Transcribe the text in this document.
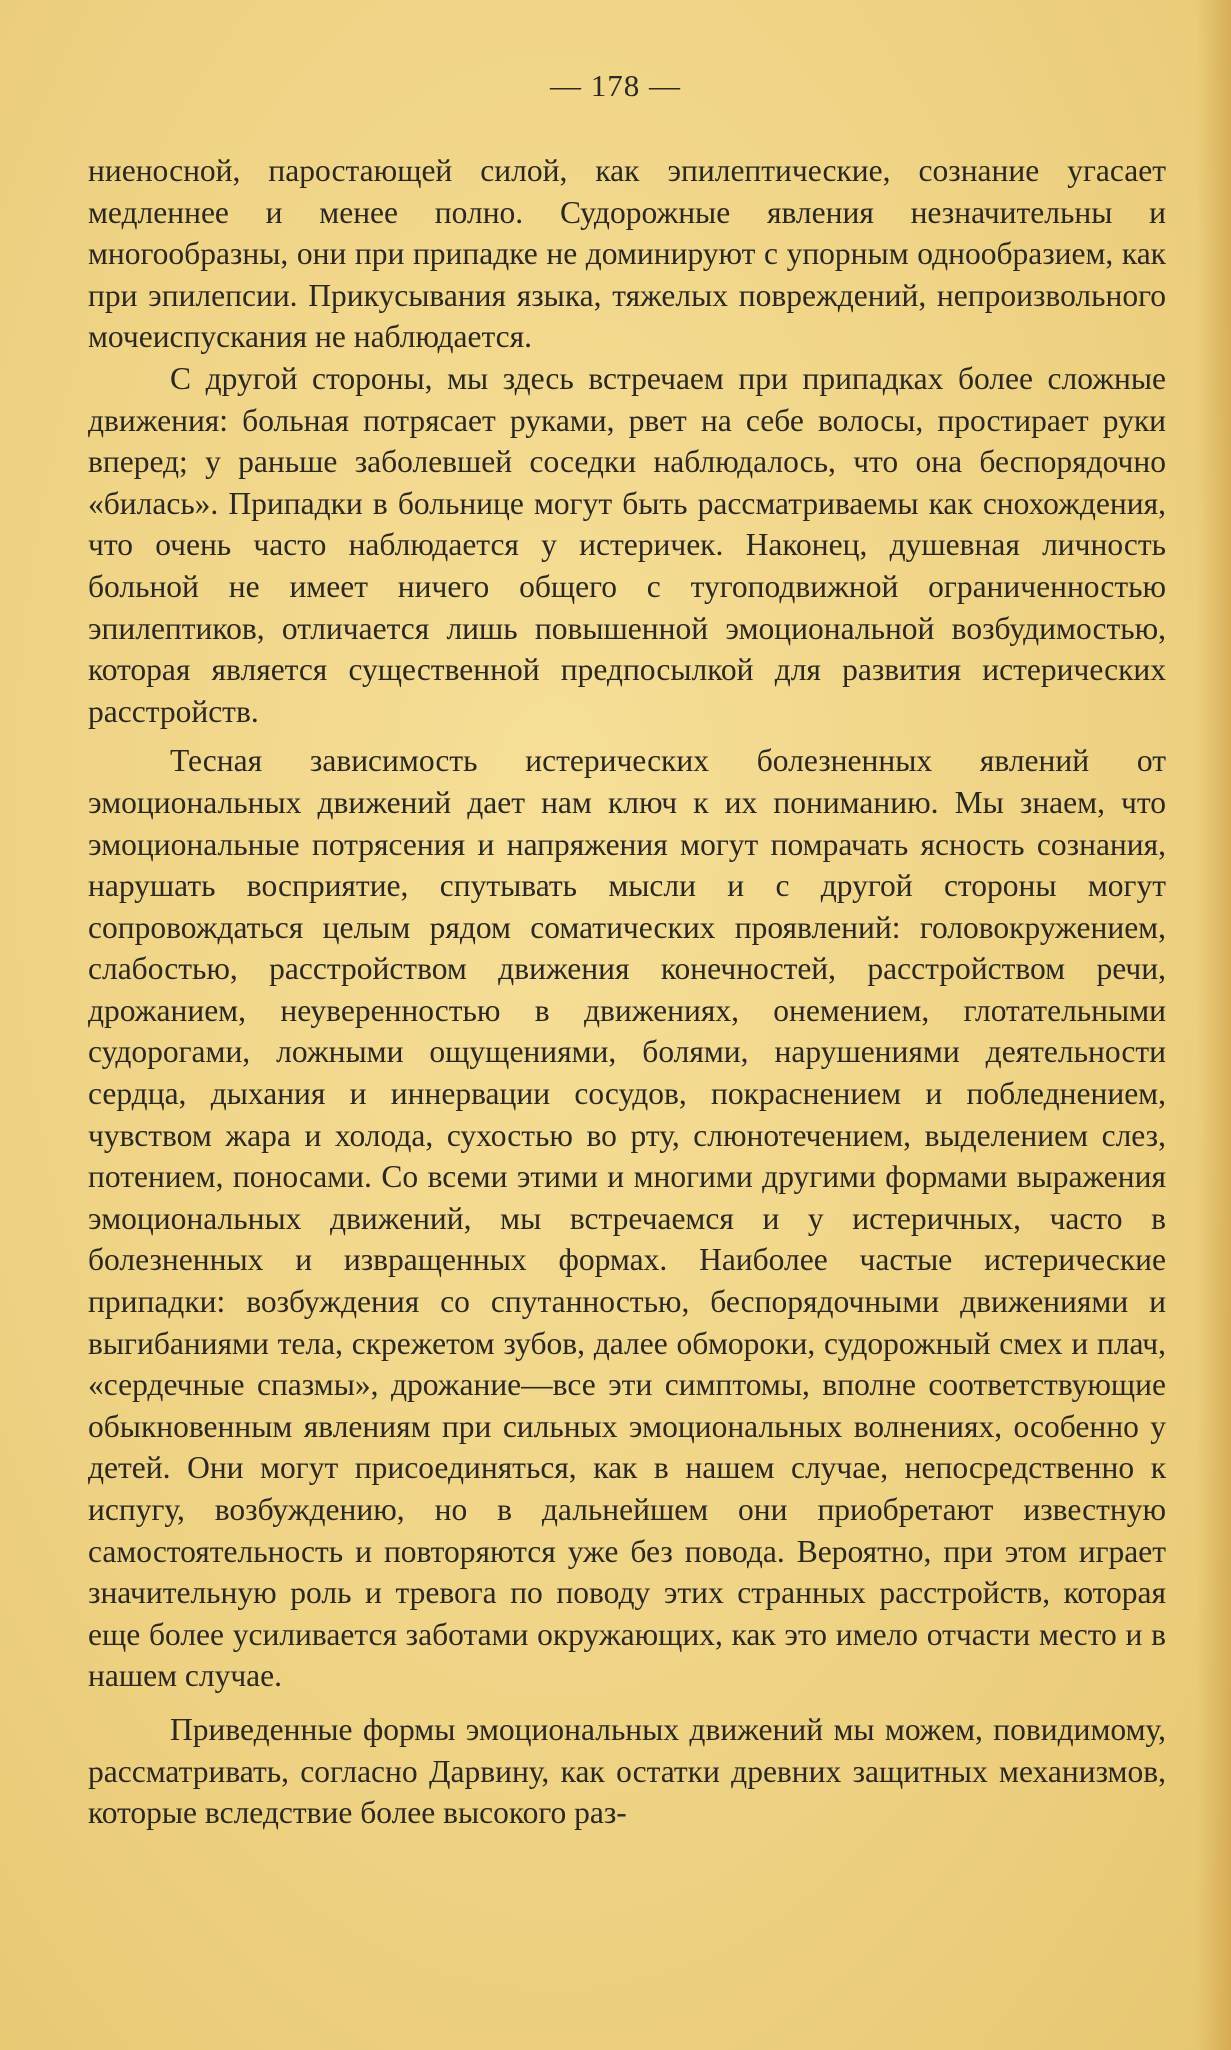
— 178 —

ниеносной, паростающей силой, как эпилептические, сознание угасает медленнее и менее полно. Судорожные явления незначительны и многообразны, они при припадке не доминируют с упорным однообразием, как при эпилепсии. Прикусывания языка, тяжелых повреждений, непроизвольного мочеиспускания не наблюдается.

С другой стороны, мы здесь встречаем при припадках более сложные движения: больная потрясает руками, рвет на себе волосы, простирает руки вперед; у раньше заболевшей соседки наблюдалось, что она беспорядочно «билась». Припадки в больнице могут быть рассматриваемы как снохождения, что очень часто наблюдается у истеричек. Наконец, душевная личность больной не имеет ничего общего с тугоподвижной ограниченностью эпилептиков, отличается лишь повышенной эмоциональной возбудимостью, которая является существенной предпосылкой для развития истерических расстройств.

Тесная зависимость истерических болезненных явлений от эмоциональных движений дает нам ключ к их пониманию. Мы знаем, что эмоциональные потрясения и напряжения могут помрачать ясность сознания, нарушать восприятие, спутывать мысли и с другой стороны могут сопровождаться целым рядом соматических проявлений: головокружением, слабостью, расстройством движения конечностей, расстройством речи, дрожанием, неуверенностью в движениях, онемением, глотательными судорогами, ложными ощущениями, болями, нарушениями деятельности сердца, дыхания и иннервации сосудов, покраснением и побледнением, чувством жара и холода, сухостью во рту, слюнотечением, выделением слез, потением, поносами. Со всеми этими и многими другими формами выражения эмоциональных движений, мы встречаемся и у истеричных, часто в болезненных и извращенных формах. Наиболее частые истерические припадки: возбуждения со спутанностью, беспорядочными движениями и выгибаниями тела, скрежетом зубов, далее обмороки, судорожный смех и плач, «сердечные спазмы», дрожание—все эти симптомы, вполне соответствующие обыкновенным явлениям при сильных эмоциональных волнениях, особенно у детей. Они могут присоединяться, как в нашем случае, непосредственно к испугу, возбуждению, но в дальнейшем они приобретают известную самостоятельность и повторяются уже без повода. Вероятно, при этом играет значительную роль и тревога по поводу этих странных расстройств, которая еще более усиливается заботами окружающих, как это имело отчасти место и в нашем случае.

Приведенные формы эмоциональных движений мы можем, повидимому, рассматривать, согласно Дарвину, как остатки древних защитных механизмов, которые вследствие более высокого раз-
